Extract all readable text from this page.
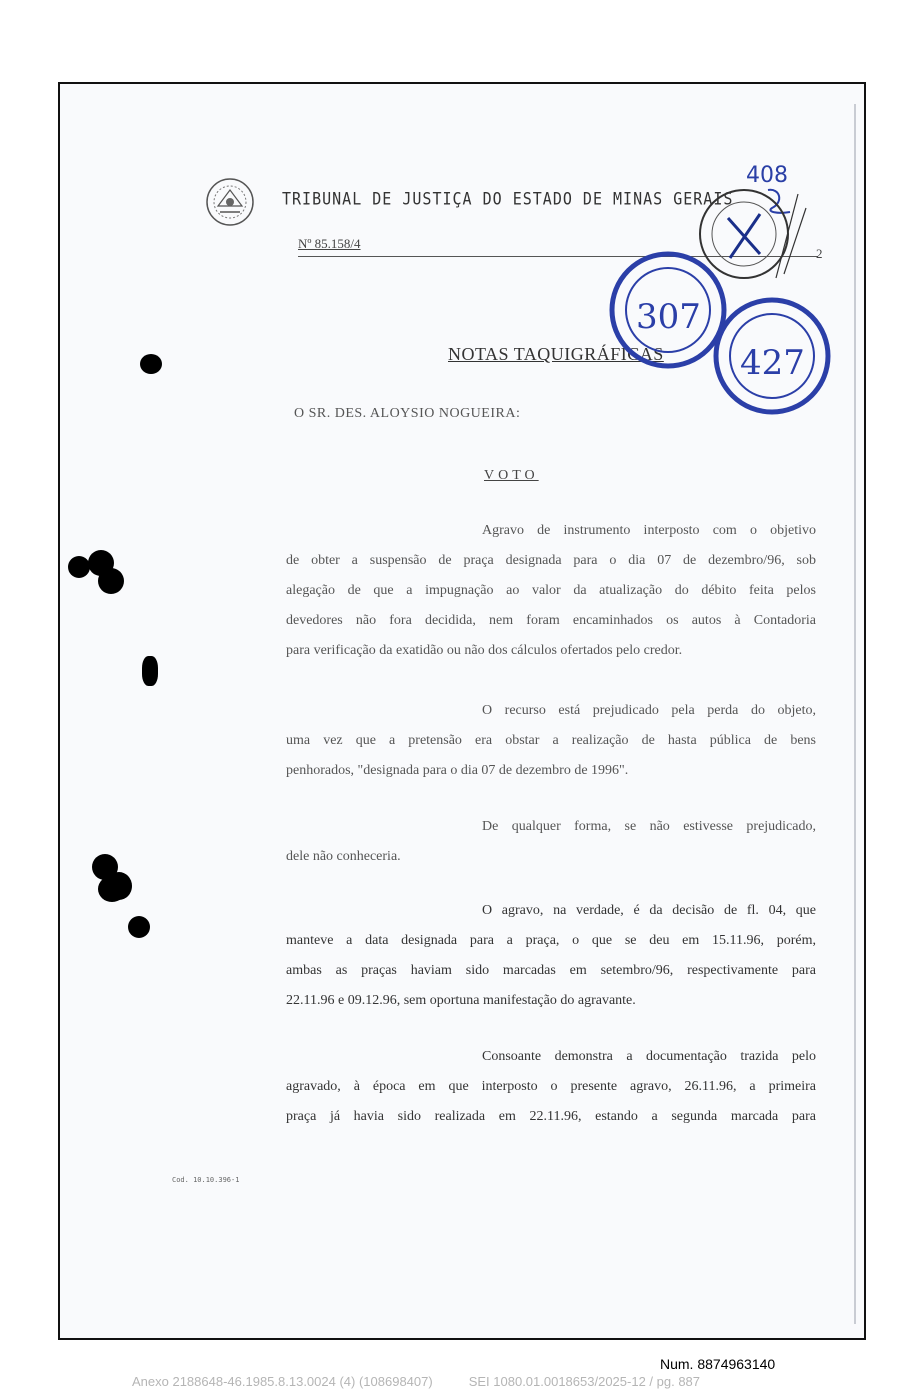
TRIBUNAL DE JUSTIÇA DO ESTADO DE MINAS GERAIS
Nº 85.158/4
2
NOTAS TAQUIGRÁFICAS
O SR. DES. ALOYSIO NOGUEIRA:
VOTO
Agravo de instrumento interposto com o objetivo
de obter a suspensão de praça designada para o dia 07 de dezembro/96, sob
alegação de que a impugnação ao valor da atualização do débito feita pelos
devedores não fora decidida, nem foram encaminhados os autos à Contadoria
para verificação da exatidão ou não dos cálculos ofertados pelo credor.
O recurso está prejudicado pela perda do objeto,
uma vez que a pretensão era obstar a realização de hasta pública de bens
penhorados, "designada para o dia 07 de dezembro de 1996".
De qualquer forma, se não estivesse prejudicado,
dele não conheceria.
O agravo, na verdade, é da decisão de fl. 04, que
manteve a data designada para a praça, o que se deu em 15.11.96, porém,
ambas as praças haviam sido marcadas em setembro/96, respectivamente para
22.11.96 e 09.12.96, sem oportuna manifestação do agravante.
Consoante demonstra a documentação trazida pelo
agravado, à época em que interposto o presente agravo, 26.11.96, a primeira
praça já havia sido realizada em 22.11.96, estando a segunda marcada para
Cod. 10.10.396-1
408
307
427
Num. 8874963140
Anexo 2188648-46.1985.8.13.0024 (4) (108698407)	SEI 1080.01.0018653/2025-12 / pg. 887
